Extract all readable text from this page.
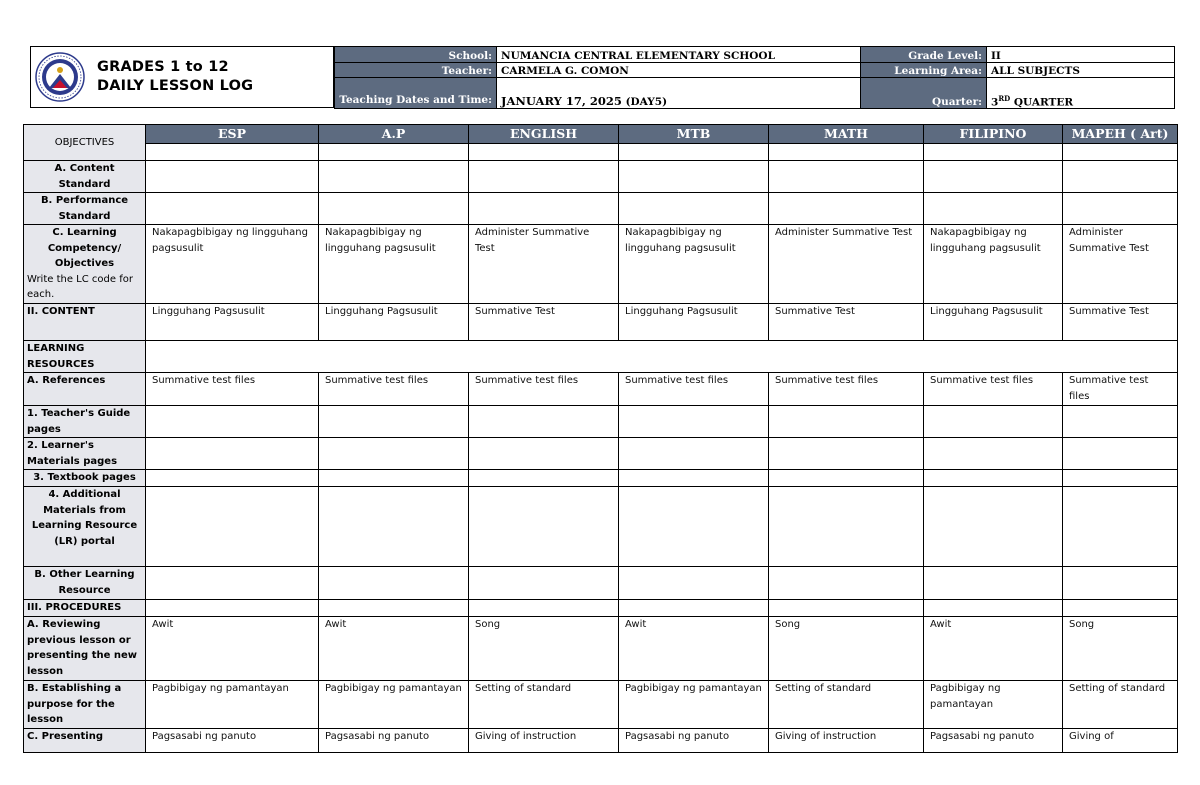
GRADES 1 to 12
DAILY LESSON LOG
School:	NUMANCIA CENTRAL ELEMENTARY SCHOOL	Grade Level:	II
Teacher:	CARMELA G. COMON	Learning Area:	ALL SUBJECTS
Teaching Dates and Time:	JANUARY 17, 2025 (DAY5)	Quarter:	3RD QUARTER
OBJECTIVES	ESP	A.P	ENGLISH	MTB	MATH	FILIPINO	MAPEH ( Art)

A. Content Standard							
B. Performance Standard							
C. Learning Competency/ Objectives
Write the LC code for each.	Nakapagbibigay ng lingguhang pagsusulit	Nakapagbibigay ng lingguhang pagsusulit	Administer Summative Test	Nakapagbibigay ng lingguhang pagsusulit	Administer Summative Test	Nakapagbibigay ng lingguhang pagsusulit	Administer Summative Test
II. CONTENT	Lingguhang Pagsusulit	Lingguhang Pagsusulit	Summative Test	Lingguhang Pagsusulit	Summative Test	Lingguhang Pagsusulit	Summative Test
LEARNING RESOURCES							
A. References	Summative test files	Summative test files	Summative test files	Summative test files	Summative test files	Summative test files	Summative test files
1. Teacher's Guide pages							
2. Learner's Materials pages							
3. Textbook pages							
4. Additional Materials from Learning Resource (LR) portal							
B. Other Learning Resource							
III. PROCEDURES							
A. Reviewing previous lesson or presenting the new lesson	Awit	Awit	Song	Awit	Song	Awit	Song
B. Establishing a purpose for the lesson	Pagbibigay ng pamantayan	Pagbibigay ng pamantayan	Setting of standard	Pagbibigay ng pamantayan	Setting of standard	Pagbibigay ng pamantayan	Setting of standard
C. Presenting	Pagsasabi ng panuto	Pagsasabi ng panuto	Giving of instruction	Pagsasabi ng panuto	Giving of instruction	Pagsasabi ng panuto	Giving of
